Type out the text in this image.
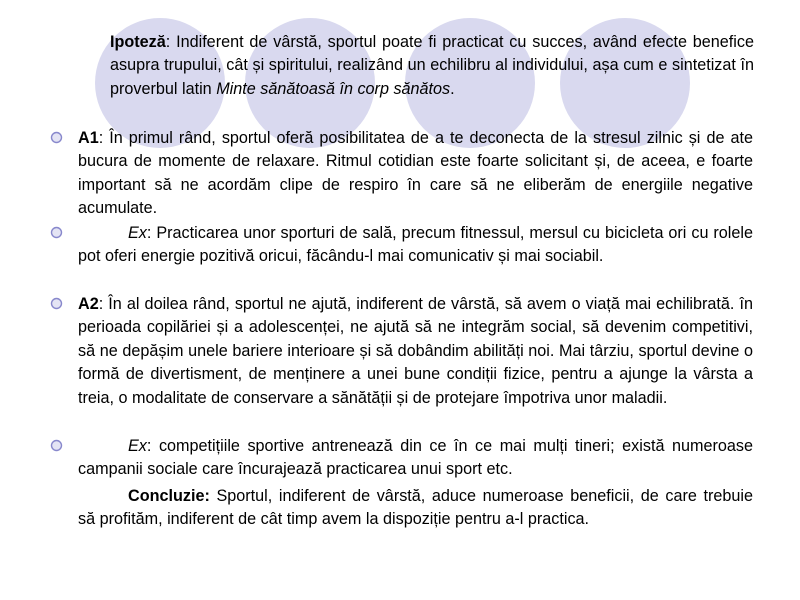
Ipoteză: Indiferent de vârstă, sportul poate fi practicat cu succes, având efecte benefice asupra trupului, cât și spiritului, realizând un echilibru al individului, așa cum e sintetizat în proverbul latin Minte sănătoasă în corp sănătos.
A1: În primul rând, sportul oferă posibilitatea de a te deconecta de la stresul zilnic și de ate bucura de momente de relaxare. Ritmul cotidian este foarte solicitant și, de aceea, e foarte important să ne acordăm clipe de respiro în care să ne eliberăm de energiile negative acumulate.
Ex: Practicarea unor sporturi de sală, precum fitnessul, mersul cu bicicleta ori cu rolele pot oferi energie pozitivă oricui, făcându-l mai comunicativ și mai sociabil.
A2: În al doilea rând, sportul ne ajută, indiferent de vârstă, să avem o viață mai echilibrată. în perioada copilăriei și a adolescenței, ne ajută să ne integrăm social, să devenim competitivi, să ne depășim unele bariere interioare și să dobândim abilități noi. Mai târziu, sportul devine o formă de divertisment, de menținere a unei bune condiții fizice, pentru a ajunge la vârsta a treia, o modalitate de conservare a sănătății și de protejare împotriva unor maladii.
Ex: competițiile sportive antrenează din ce în ce mai mulți tineri; există numeroase campanii sociale care încurajează practicarea unui sport etc.
Concluzie: Sportul, indiferent de vârstă, aduce numeroase beneficii, de care trebuie să profităm, indiferent de cât timp avem la dispoziție pentru a-l practica.
